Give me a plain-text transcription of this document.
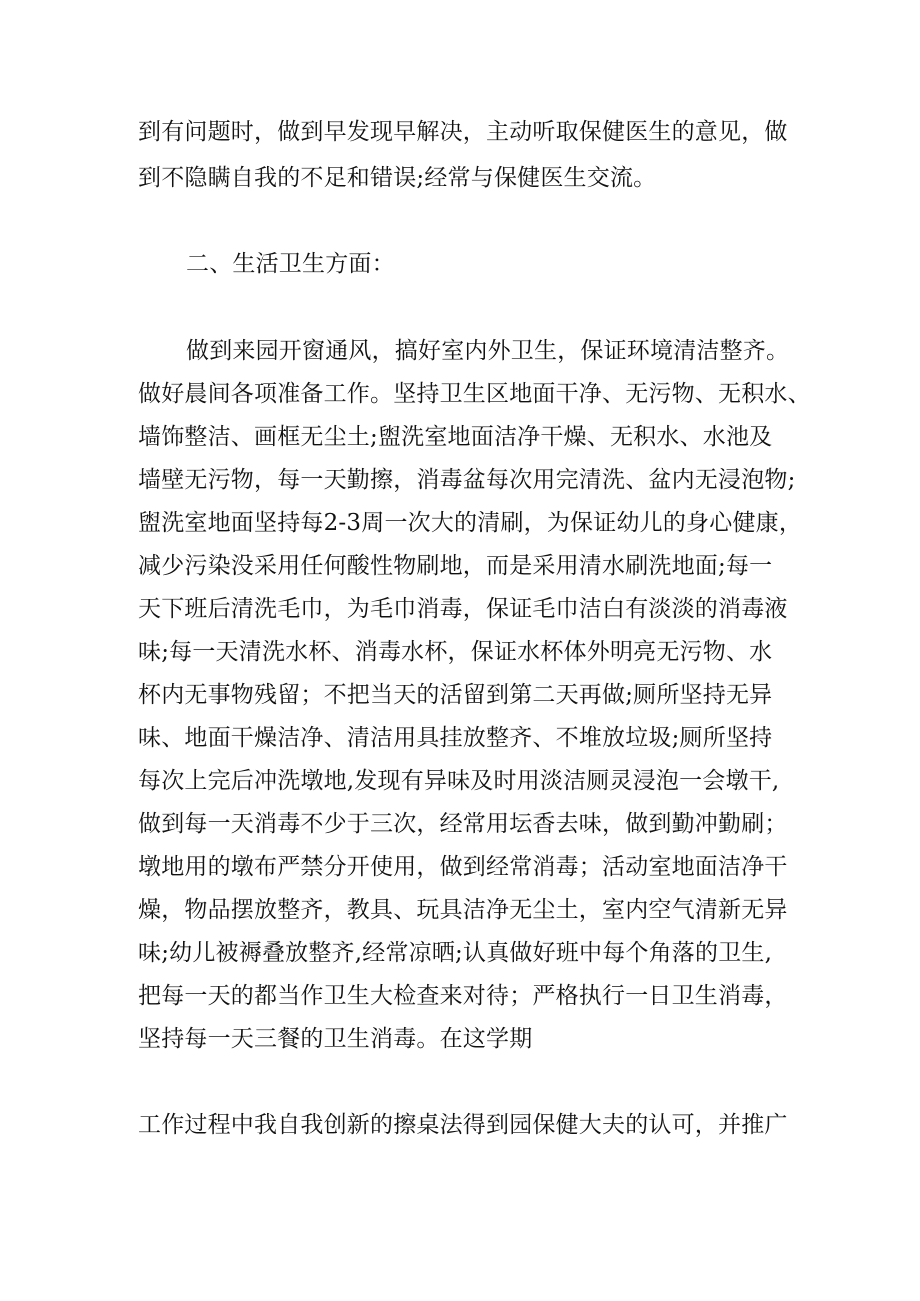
到有问题时，做到早发现早解决，主动听取保健医生的意见，做
到不隐瞒自我的不足和错误;经常与保健医生交流。
二、生活卫生方面：
做到来园开窗通风，搞好室内外卫生，保证环境清洁整齐。
做好晨间各项准备工作。坚持卫生区地面干净、无污物、无积水、
墙饰整洁、画框无尘土;盥洗室地面洁净干燥、无积水、水池及
墙壁无污物，每一天勤擦，消毒盆每次用完清洗、盆内无浸泡物;
盥洗室地面坚持每2-3周一次大的清刷，为保证幼儿的身心健康，
减少污染没采用任何酸性物刷地，而是采用清水刷洗地面;每一
天下班后清洗毛巾，为毛巾消毒，保证毛巾洁白有淡淡的消毒液
味;每一天清洗水杯、消毒水杯，保证水杯体外明亮无污物、水
杯内无事物残留；不把当天的活留到第二天再做;厕所坚持无异
味、地面干燥洁净、清洁用具挂放整齐、不堆放垃圾;厕所坚持
每次上完后冲洗墩地,发现有异味及时用淡洁厕灵浸泡一会墩干,
做到每一天消毒不少于三次，经常用坛香去味，做到勤冲勤刷；
墩地用的墩布严禁分开使用，做到经常消毒；活动室地面洁净干
燥，物品摆放整齐，教具、玩具洁净无尘土，室内空气清新无异
味;幼儿被褥叠放整齐,经常凉晒;认真做好班中每个角落的卫生,
把每一天的都当作卫生大检查来对待；严格执行一日卫生消毒，
坚持每一天三餐的卫生消毒。在这学期
工作过程中我自我创新的擦桌法得到园保健大夫的认可，并推广
